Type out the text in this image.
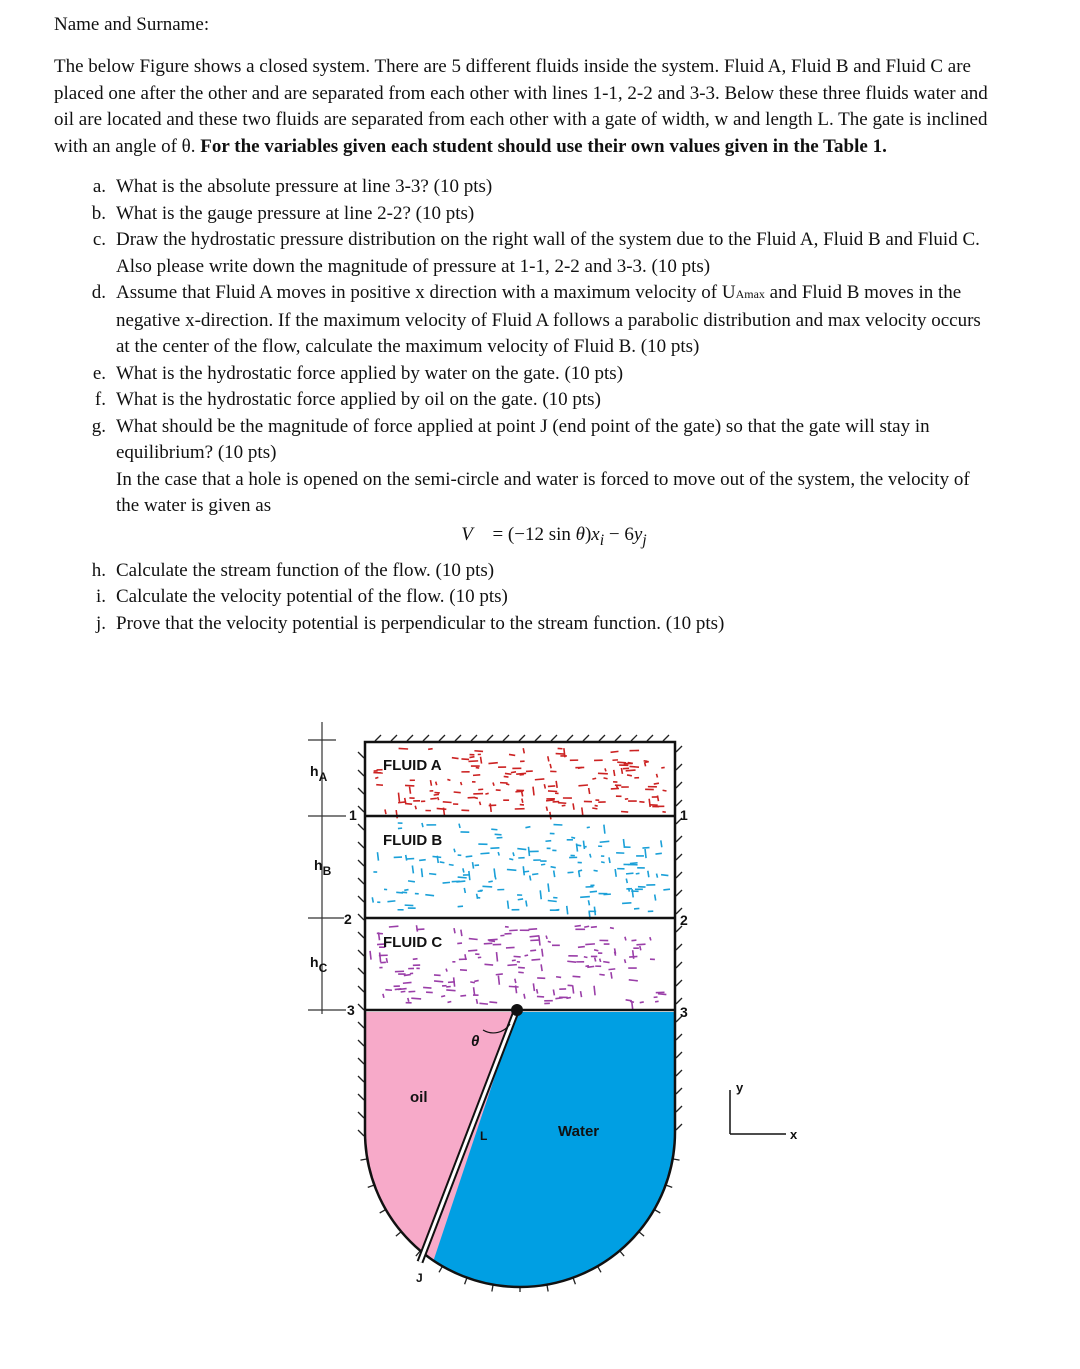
Name and Surname:
The below Figure shows a closed system. There are 5 different fluids inside the system. Fluid A, Fluid B and Fluid C are placed one after the other and are separated from each other with lines 1-1, 2-2 and 3-3. Below these three fluids water and oil are located and these two fluids are separated from each other with a gate of width, w and length L. The gate is inclined with an angle of θ. For the variables given each student should use their own values given in the Table 1.
a. What is the absolute pressure at line 3-3? (10 pts)
b. What is the gauge pressure at line 2-2? (10 pts)
c. Draw the hydrostatic pressure distribution on the right wall of the system due to the Fluid A, Fluid B and Fluid C. Also please write down the magnitude of pressure at 1-1, 2-2 and 3-3. (10 pts)
d. Assume that Fluid A moves in positive x direction with a maximum velocity of UAmax and Fluid B moves in the negative x-direction. If the maximum velocity of Fluid A follows a parabolic distribution and max velocity occurs at the center of the flow, calculate the maximum velocity of Fluid B. (10 pts)
e. What is the hydrostatic force applied by water on the gate. (10 pts)
f. What is the hydrostatic force applied by oil on the gate. (10 pts)
g. What should be the magnitude of force applied at point J (end point of the gate) so that the gate will stay in equilibrium? (10 pts)
In the case that a hole is opened on the semi-circle and water is forced to move out of the system, the velocity of the water is given as
V⃗ = (−12 $\sin \theta)x_i - 6y_j$
h. Calculate the stream function of the flow. (10 pts)
i. Calculate the velocity potential of the flow. (10 pts)
j. Prove that the velocity potential is perpendicular to the stream function. (10 pts)
FLUID A
FLUID B
FLUID C
oil
Water
L
θ
J
1	1
2	2
3	3
hA
hB
hC
y
x
